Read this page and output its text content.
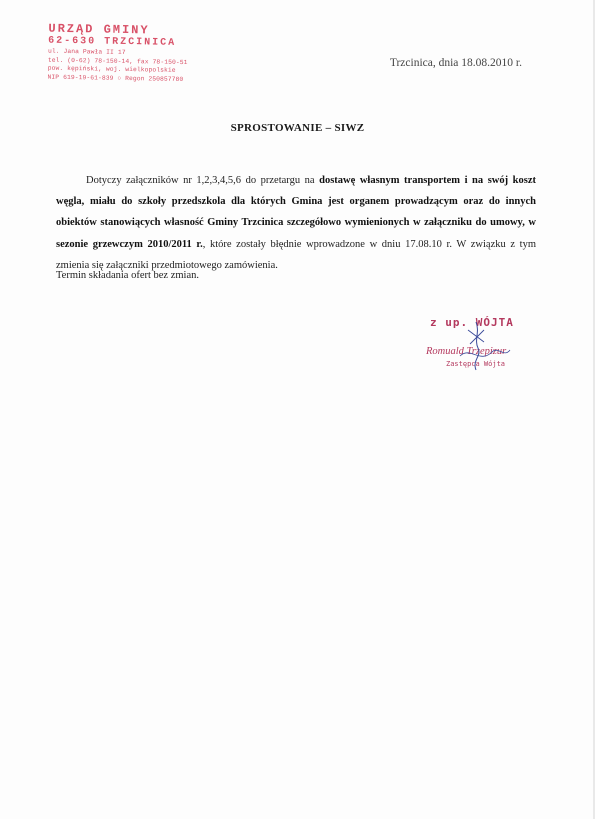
URZĄD GMINY
62-630 TRZCINICA
ul. Jana Pawła II 17
tel. (0-62) 78-150-14, fax 78-150-51
pow. kępiński, woj. wielkopolskie
NIP 619-19-61-839 ○ Regon 250857780
Trzcinica, dnia 18.08.2010 r.
SPROSTOWANIE – SIWZ
Dotyczy załączników nr 1,2,3,4,5,6 do przetargu na dostawę własnym transportem i na swój koszt węgla, miału do szkoły przedszkola dla których Gmina jest organem prowadzącym oraz do innych obiektów stanowiących własność Gminy Trzcinica szczegółowo wymienionych w załączniku do umowy, w sezonie grzewczym 2010/2011 r., które zostały błędnie wprowadzone w dniu 17.08.10 r. W związku z tym zmienia się załączniki przedmiotowego zamówienia.
Termin składania ofert bez zmian.
z up. WÓJTA
Romuald Trzepizur
Zastępca Wójta
